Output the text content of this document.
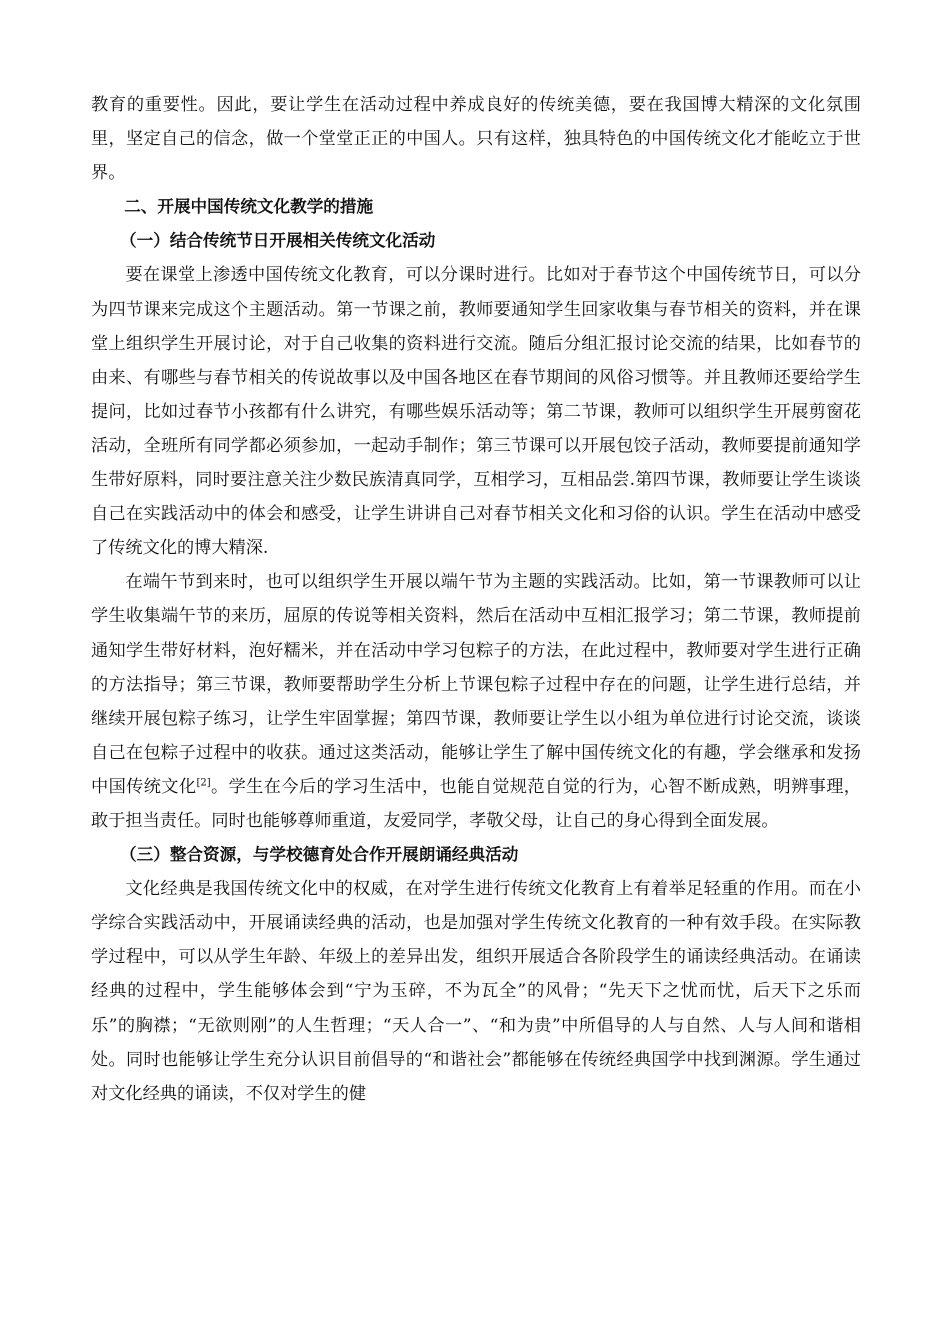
教育的重要性。因此，要让学生在活动过程中养成良好的传统美德，要在我国博大精深的文化氛围里，坚定自己的信念，做一个堂堂正正的中国人。只有这样，独具特色的中国传统文化才能屹立于世界。

二、开展中国传统文化教学的措施

（一）结合传统节日开展相关传统文化活动

要在课堂上渗透中国传统文化教育，可以分课时进行。比如对于春节这个中国传统节日，可以分为四节课来完成这个主题活动。第一节课之前，教师要通知学生回家收集与春节相关的资料，并在课堂上组织学生开展讨论，对于自己收集的资料进行交流。随后分组汇报讨论交流的结果，比如春节的由来、有哪些与春节相关的传说故事以及中国各地区在春节期间的风俗习惯等。并且教师还要给学生提问，比如过春节小孩都有什么讲究，有哪些娱乐活动等；第二节课，教师可以组织学生开展剪窗花活动，全班所有同学都必须参加，一起动手制作；第三节课可以开展包饺子活动，教师要提前通知学生带好原料，同时要注意关注少数民族清真同学，互相学习，互相品尝.第四节课，教师要让学生谈谈自己在实践活动中的体会和感受，让学生讲讲自己对春节相关文化和习俗的认识。学生在活动中感受了传统文化的博大精深.

在端午节到来时，也可以组织学生开展以端午节为主题的实践活动。比如，第一节课教师可以让学生收集端午节的来历，屈原的传说等相关资料，然后在活动中互相汇报学习；第二节课，教师提前通知学生带好材料，泡好糯米，并在活动中学习包粽子的方法，在此过程中，教师要对学生进行正确的方法指导；第三节课，教师要帮助学生分析上节课包粽子过程中存在的问题，让学生进行总结，并继续开展包粽子练习，让学生牢固掌握；第四节课，教师要让学生以小组为单位进行讨论交流，谈谈自己在包粽子过程中的收获。通过这类活动，能够让学生了解中国传统文化的有趣，学会继承和发扬中国传统文化[2]。学生在今后的学习生活中，也能自觉规范自觉的行为，心智不断成熟，明辨事理，敢于担当责任。同时也能够尊师重道，友爱同学，孝敬父母，让自己的身心得到全面发展。

（三）整合资源，与学校德育处合作开展朗诵经典活动

文化经典是我国传统文化中的权威，在对学生进行传统文化教育上有着举足轻重的作用。而在小学综合实践活动中，开展诵读经典的活动，也是加强对学生传统文化教育的一种有效手段。在实际教学过程中，可以从学生年龄、年级上的差异出发，组织开展适合各阶段学生的诵读经典活动。在诵读经典的过程中，学生能够体会到“宁为玉碎，不为瓦全”的风骨；“先天下之忧而忧，后天下之乐而乐”的胸襟；“无欲则刚”的人生哲理；“天人合一”、“和为贵”中所倡导的人与自然、人与人间和谐相处。同时也能够让学生充分认识目前倡导的“和谐社会”都能够在传统经典国学中找到渊源。学生通过对文化经典的诵读，不仅对学生的健
